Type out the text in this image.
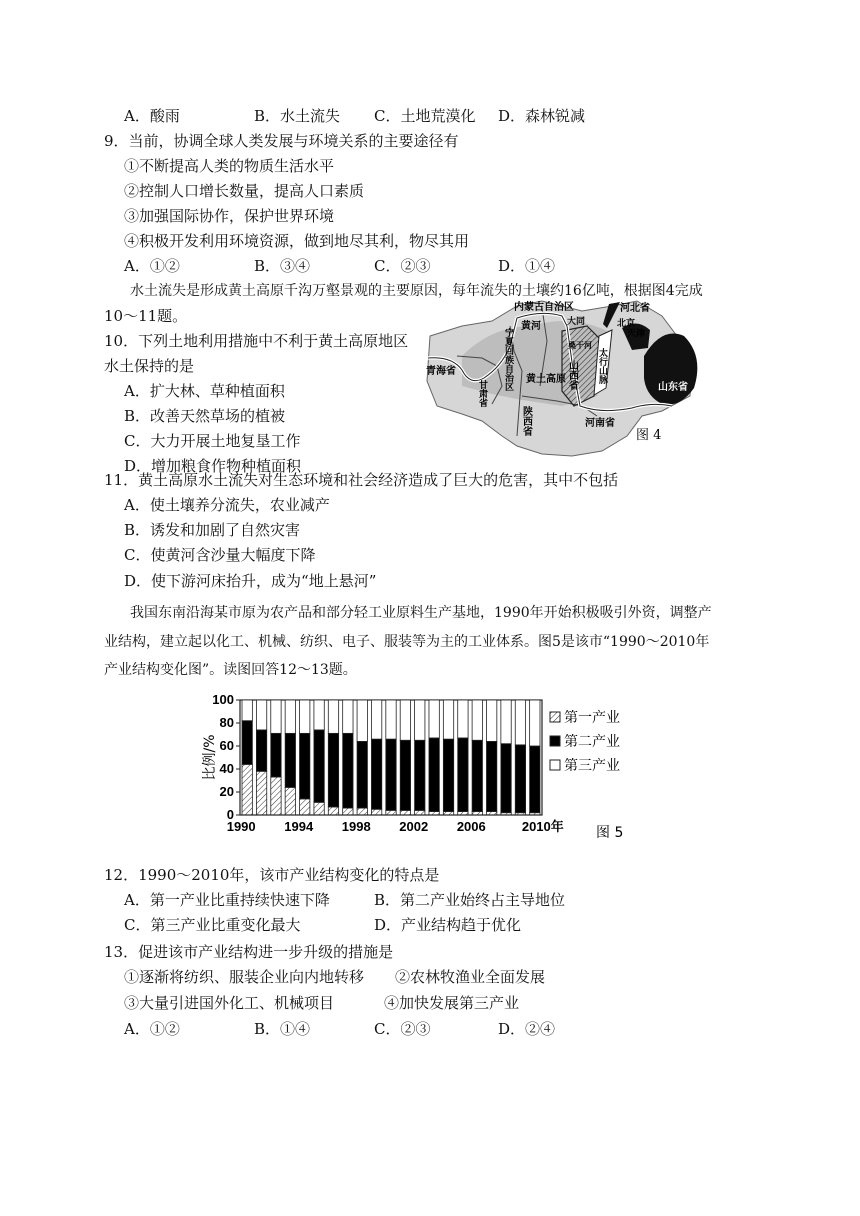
A．酸雨	B．水土流失 C．土地荒漠化 D．森林锐减
9．当前，协调全球人类发展与环境关系的主要途径有
①不断提高人类的物质生活水平
②控制人口增长数量，提高人口素质
③加强国际协作，保护世界环境
④积极开发利用环境资源，做到地尽其利，物尽其用
A．①②	B．③④	C．②③	D．①④
水土流失是形成黄土高原千沟万壑景观的主要原因，每年流失的土壤约16亿吨，根据图4完成
10～11题。
10．下列土地利用措施中不利于黄土高原地区
水土保持的是
A．扩大林、草种植面积
B．改善天然草场的植被
C．大力开展土地复垦工作
D．增加粮食作物种植面积
内蒙古自治区	河北省
大同	北京
天津
黄河
桑干河
太行山脉
宁夏回族自治区
青海省
甘肃省
黄土高原 山西省
陕西省	河南省
山东省
图 4
11．黄土高原水土流失对生态环境和社会经济造成了巨大的危害，其中不包括
A．使土壤养分流失，农业减产
B．诱发和加剧了自然灾害
C．使黄河含沙量大幅度下降
D．使下游河床抬升，成为“地上悬河”
我国东南沿海某市原为农产品和部分轻工业原料生产基地，1990年开始积极吸引外资，调整产
业结构，建立起以化工、机械、纺织、电子、服装等为主的工业体系。图5是该市“1990～2010年
产业结构变化图”。读图回答12～13题。
0
20
40
60
80
100
比例/%
1990 1994 1998 2002 2006	2010年
第一产业
第二产业
第三产业
图 5
12．1990～2010年，该市产业结构变化的特点是
A．第一产业比重持续快速下降	B．第二产业始终占主导地位
C．第三产业比重变化最大	D．产业结构趋于优化
13．促进该市产业结构进一步升级的措施是
①逐渐将纺织、服装企业向内地转移 ②农林牧渔业全面发展
③大量引进国外化工、机械项目	④加快发展第三产业
A．①②	B．①④	C．②③	D．②④
